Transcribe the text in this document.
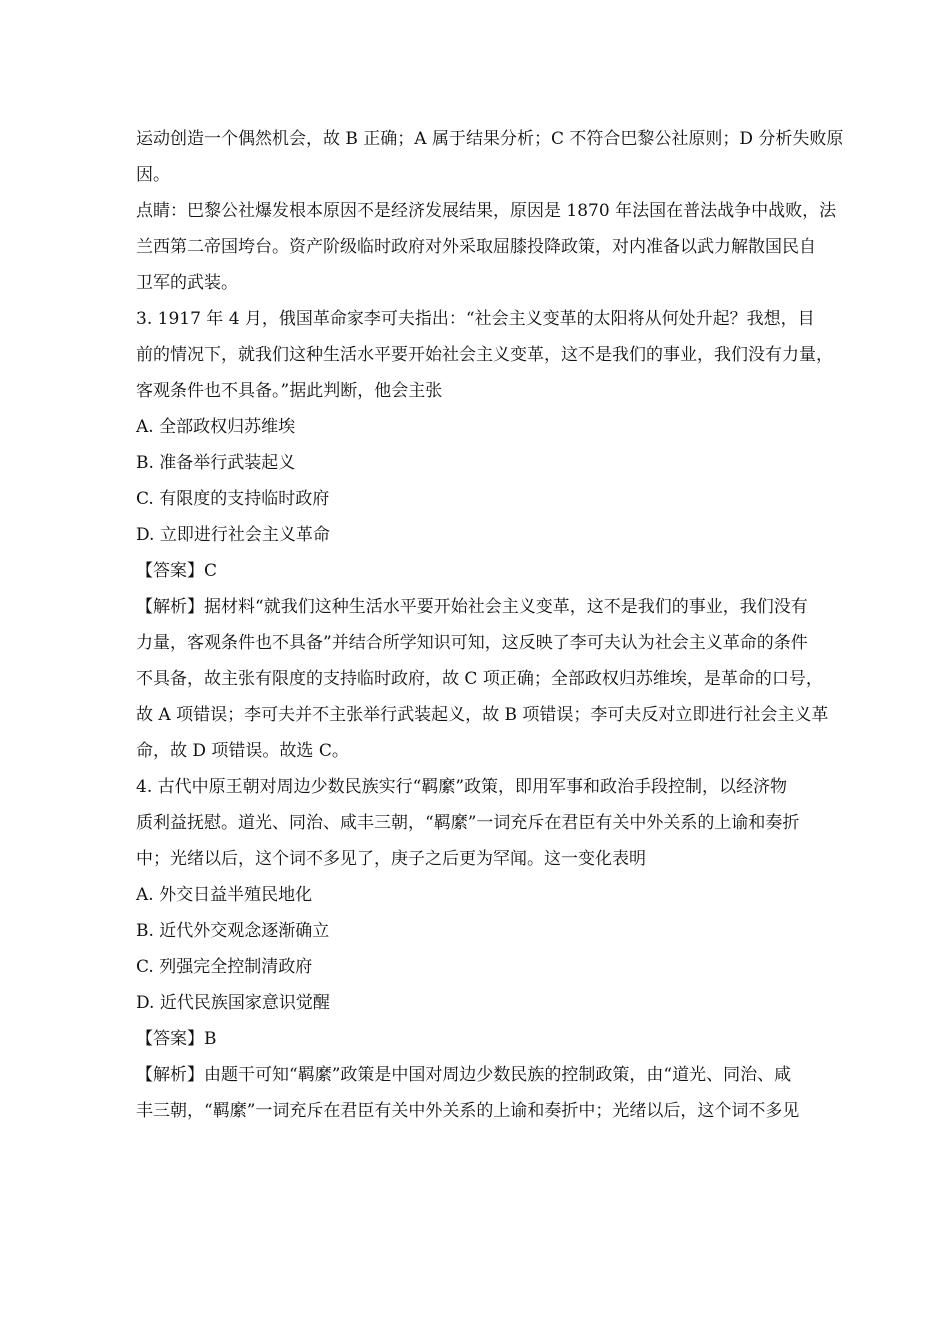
运动创造一个偶然机会，故 B 正确；A 属于结果分析；C 不符合巴黎公社原则；D 分析失败原
因。
点睛：巴黎公社爆发根本原因不是经济发展结果，原因是 1870 年法国在普法战争中战败，法
兰西第二帝国垮台。资产阶级临时政府对外采取屈膝投降政策，对内准备以武力解散国民自
卫军的武装。
3. 1917 年 4 月，俄国革命家李可夫指出：“社会主义变革的太阳将从何处升起？我想，目
前的情况下，就我们这种生活水平要开始社会主义变革，这不是我们的事业，我们没有力量，
客观条件也不具备。”据此判断，他会主张
A. 全部政权归苏维埃
B. 准备举行武装起义
C. 有限度的支持临时政府
D. 立即进行社会主义革命
【答案】C
【解析】据材料“就我们这种生活水平要开始社会主义变革，这不是我们的事业，我们没有
力量，客观条件也不具备”并结合所学知识可知，这反映了李可夫认为社会主义革命的条件
不具备，故主张有限度的支持临时政府，故 C 项正确；全部政权归苏维埃，是革命的口号，
故 A 项错误；李可夫并不主张举行武装起义，故 B 项错误；李可夫反对立即进行社会主义革
命，故 D 项错误。故选 C。
4. 古代中原王朝对周边少数民族实行“羁縻”政策，即用军事和政治手段控制，以经济物
质利益抚慰。道光、同治、咸丰三朝，“羁縻”一词充斥在君臣有关中外关系的上谕和奏折
中；光绪以后，这个词不多见了，庚子之后更为罕闻。这一变化表明
A. 外交日益半殖民地化
B. 近代外交观念逐渐确立
C. 列强完全控制清政府
D. 近代民族国家意识觉醒
【答案】B
【解析】由题干可知“羁縻”政策是中国对周边少数民族的控制政策，由“道光、同治、咸
丰三朝，“羁縻”一词充斥在君臣有关中外关系的上谕和奏折中；光绪以后，这个词不多见
